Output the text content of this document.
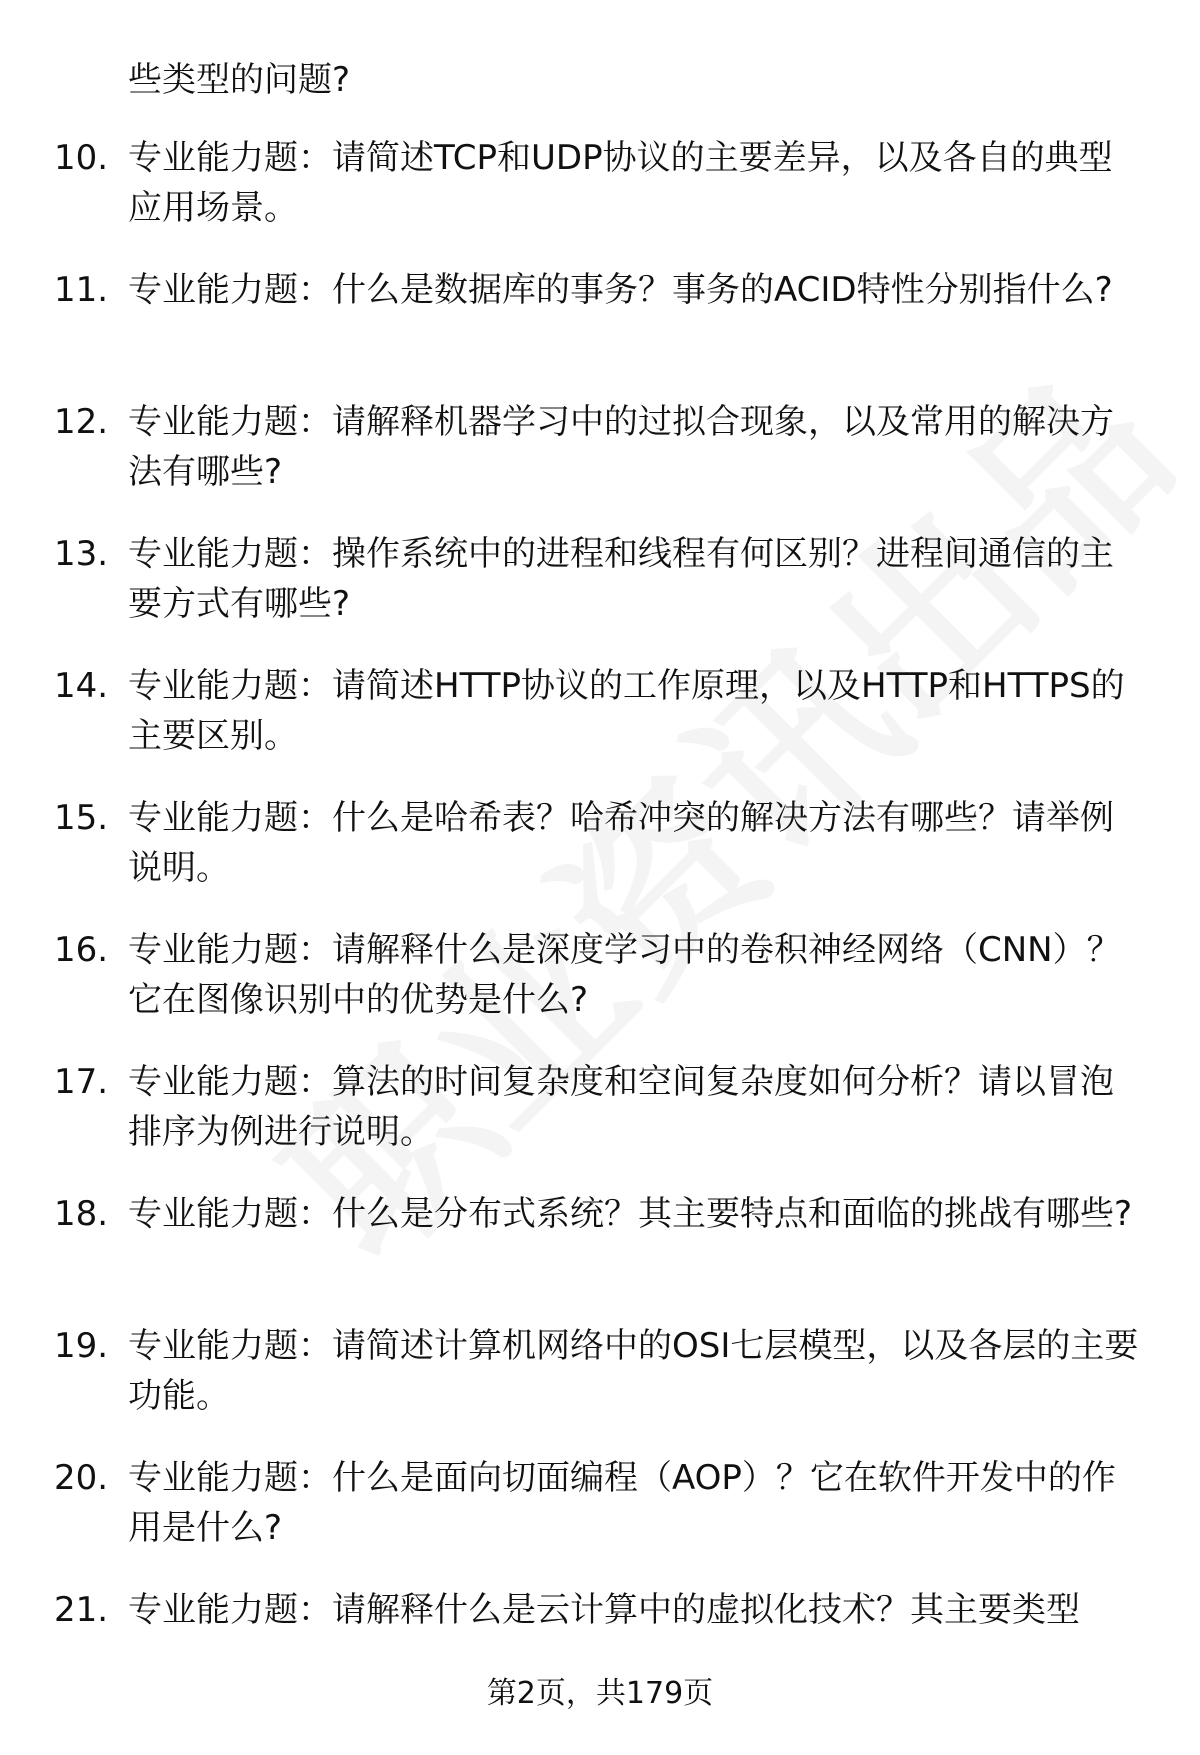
些类型的问题?
10. 专业能力题：请简述TCP和UDP协议的主要差异，以及各自的典型应用场景。
11. 专业能力题：什么是数据库的事务？事务的ACID特性分别指什么?
12. 专业能力题：请解释机器学习中的过拟合现象，以及常用的解决方法有哪些?
13. 专业能力题：操作系统中的进程和线程有何区别？进程间通信的主要方式有哪些?
14. 专业能力题：请简述HTTP协议的工作原理，以及HTTP和HTTPS的主要区别。
15. 专业能力题：什么是哈希表？哈希冲突的解决方法有哪些？请举例说明。
16. 专业能力题：请解释什么是深度学习中的卷积神经网络（CNN）？它在图像识别中的优势是什么?
17. 专业能力题：算法的时间复杂度和空间复杂度如何分析？请以冒泡排序为例进行说明。
18. 专业能力题：什么是分布式系统？其主要特点和面临的挑战有哪些?
19. 专业能力题：请简述计算机网络中的OSI七层模型，以及各层的主要功能。
20. 专业能力题：什么是面向切面编程（AOP）？它在软件开发中的作用是什么?
21. 专业能力题：请解释什么是云计算中的虚拟化技术？其主要类型
第2页，共179页
